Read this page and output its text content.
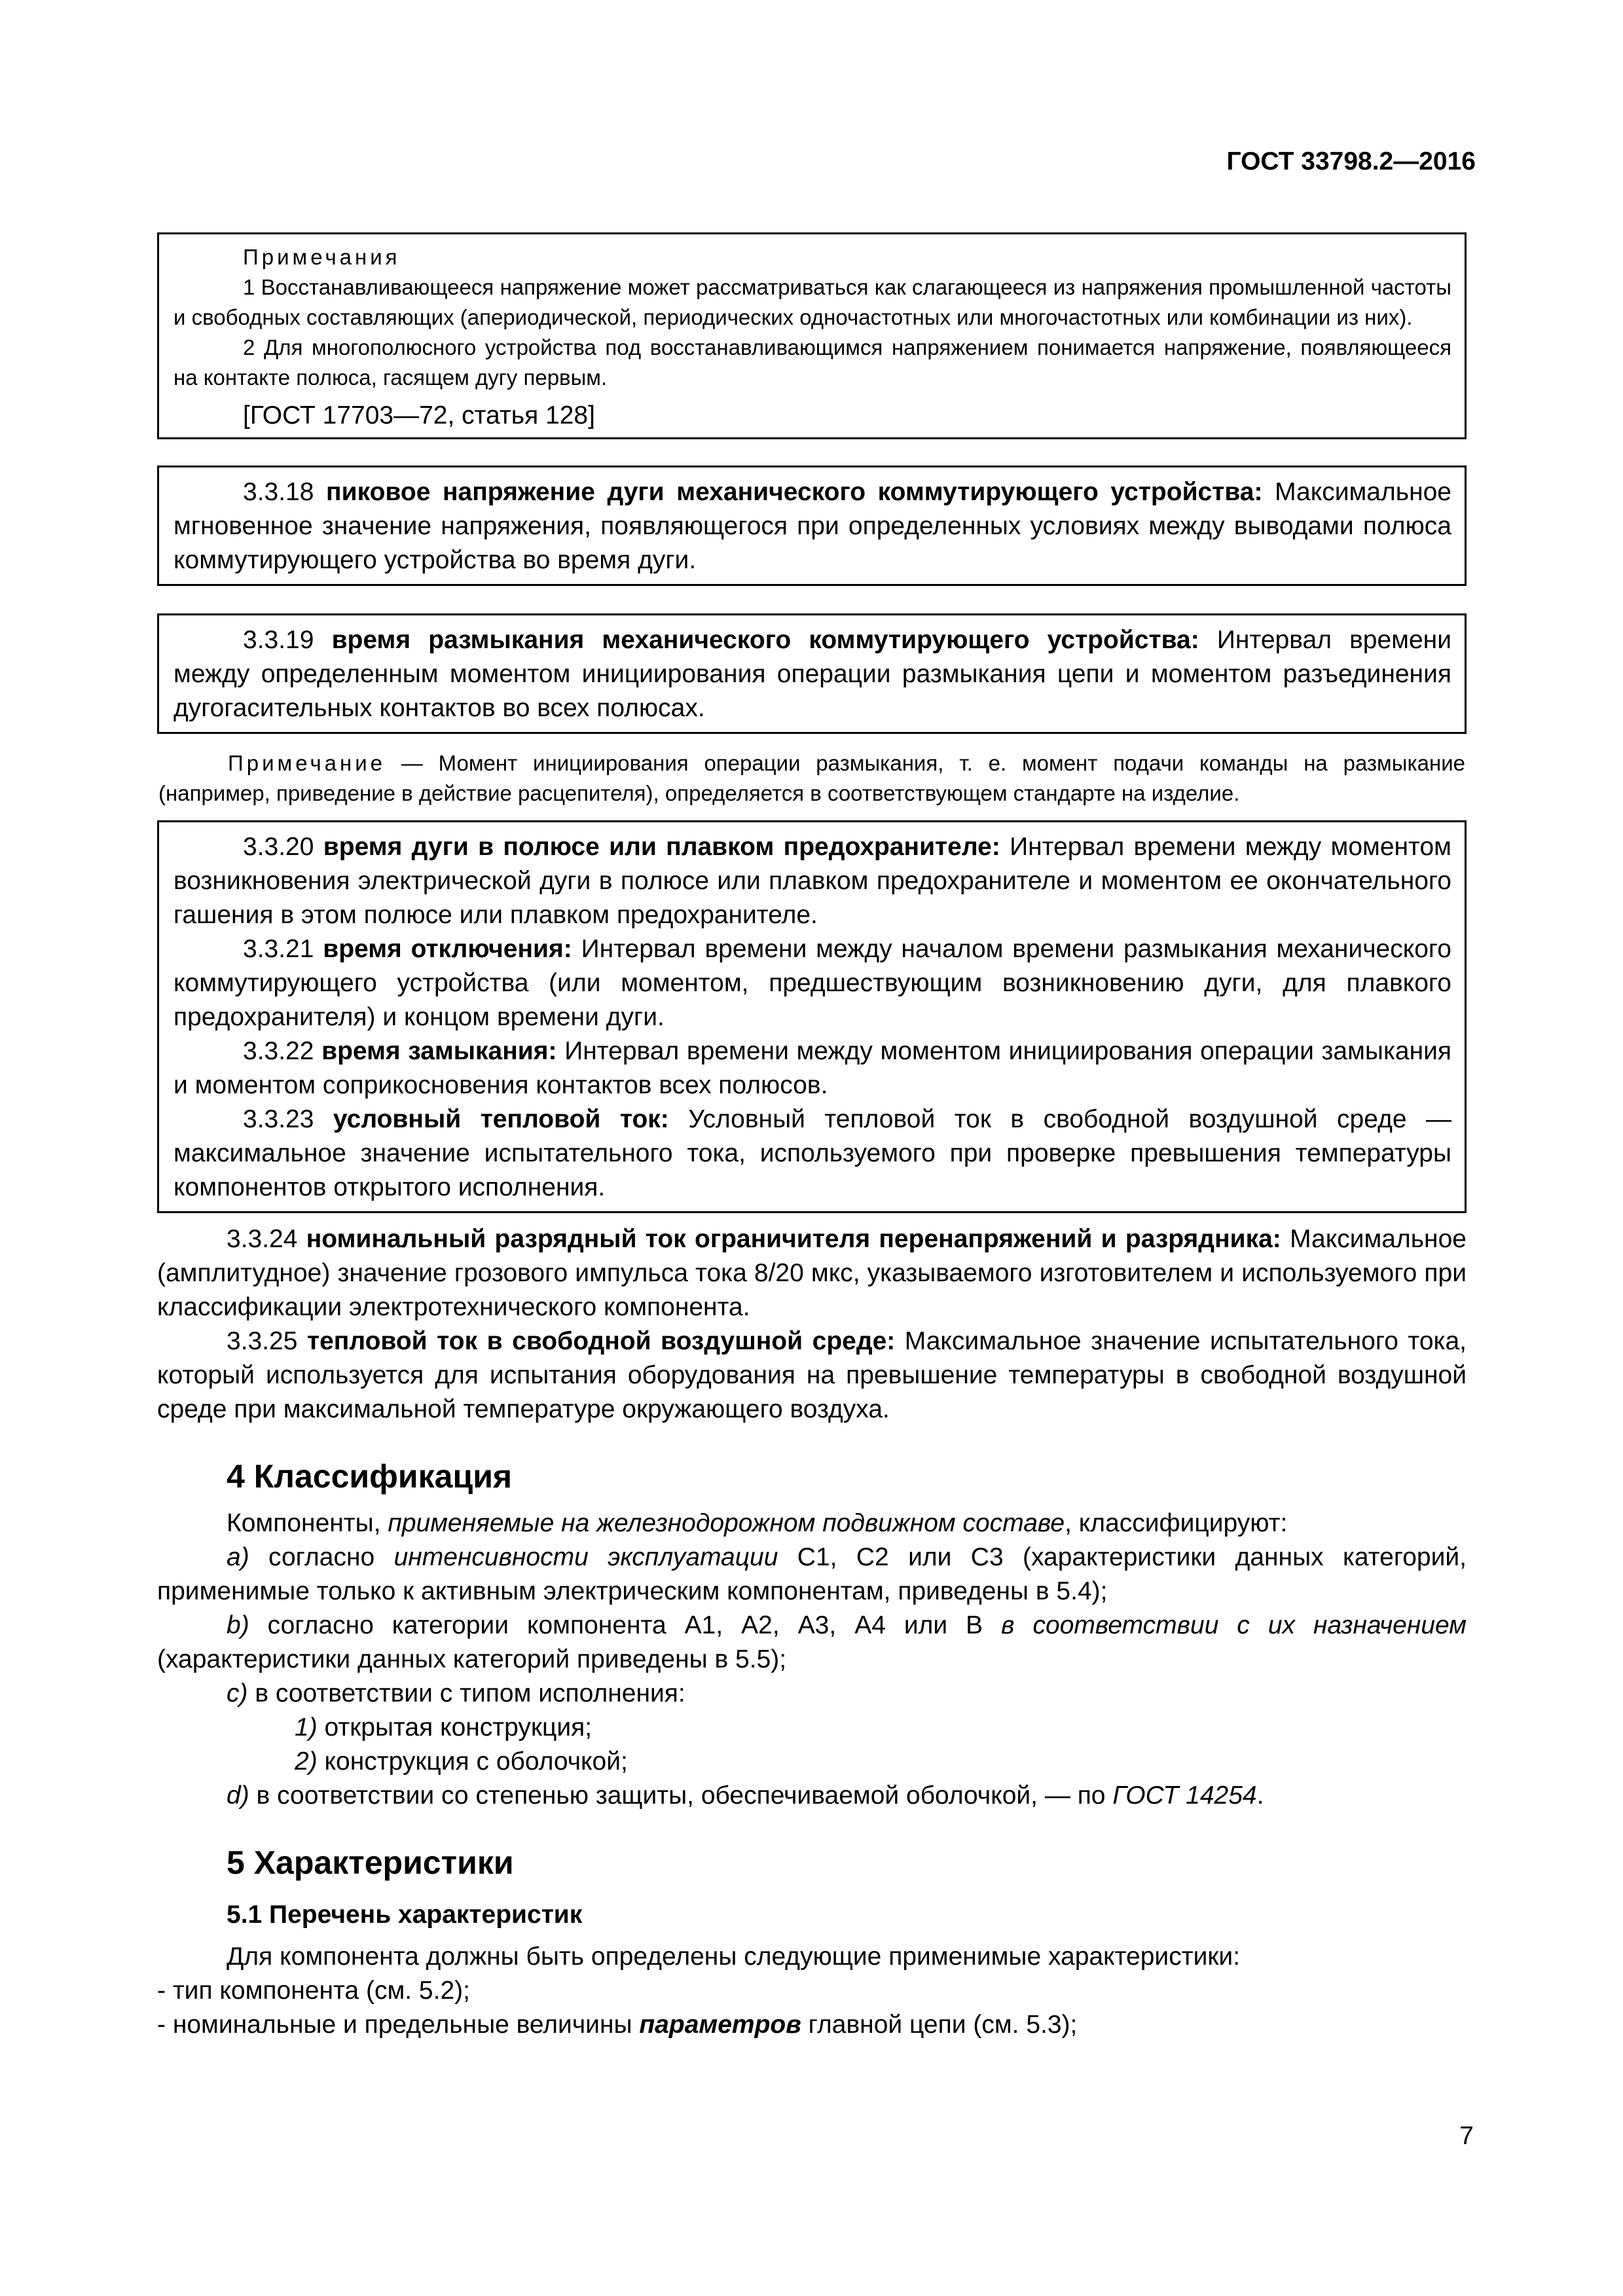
ГОСТ 33798.2—2016
Примечания
1 Восстанавливающееся напряжение может рассматриваться как слагающееся из напряжения промышленной частоты и свободных составляющих (апериодической, периодических одночастотных или многочастотных или комбинации из них).
2 Для многополюсного устройства под восстанавливающимся напряжением понимается напряжение, появляющееся на контакте полюса, гасящем дугу первым.
[ГОСТ 17703—72, статья 128]

3.3.18 пиковое напряжение дуги механического коммутирующего устройства: Максимальное мгновенное значение напряжения, появляющегося при определенных условиях между выводами полюса коммутирующего устройства во время дуги.

3.3.19 время размыкания механического коммутирующего устройства: Интервал времени между определенным моментом инициирования операции размыкания цепи и моментом разъединения дугогасительных контактов во всех полюсах.

Примечание — Момент инициирования операции размыкания, т. е. момент подачи команды на размыкание (например, приведение в действие расцепителя), определяется в соответствующем стандарте на изделие.

3.3.20 время дуги в полюсе или плавком предохранителе: Интервал времени между моментом возникновения электрической дуги в полюсе или плавком предохранителе и моментом ее окончательного гашения в этом полюсе или плавком предохранителе.

3.3.21 время отключения: Интервал времени между началом времени размыкания механического коммутирующего устройства (или моментом, предшествующим возникновению дуги, для плавкого предохранителя) и концом времени дуги.

3.3.22 время замыкания: Интервал времени между моментом инициирования операции замыкания и моментом соприкосновения контактов всех полюсов.

3.3.23 условный тепловой ток: Условный тепловой ток в свободной воздушной среде — максимальное значение испытательного тока, используемого при проверке превышения температуры компонентов открытого исполнения.

3.3.24 номинальный разрядный ток ограничителя перенапряжений и разрядника: Максимальное (амплитудное) значение грозового импульса тока 8/20 мкс, указываемого изготовителем и используемого при классификации электротехнического компонента.

3.3.25 тепловой ток в свободной воздушной среде: Максимальное значение испытательного тока, который используется для испытания оборудования на превышение температуры в свободной воздушной среде при максимальной температуре окружающего воздуха.

4 Классификация

Компоненты, применяемые на железнодорожном подвижном составе, классифицируют:

а) согласно интенсивности эксплуатации С1, С2 или С3 (характеристики данных категорий, применимые только к активным электрическим компонентам, приведены в 5.4);

b) согласно категории компонента А1, А2, А3, А4 или В в соответствии с их назначением (характеристики данных категорий приведены в 5.5);

с) в соответствии с типом исполнения:

1) открытая конструкция;

2) конструкция с оболочкой;

d) в соответствии со степенью защиты, обеспечиваемой оболочкой, — по ГОСТ 14254.

5 Характеристики
5.1 Перечень характеристик

Для компонента должны быть определены следующие применимые характеристики:

- тип компонента (см. 5.2);

- номинальные и предельные величины параметров главной цепи (см. 5.3);

7
